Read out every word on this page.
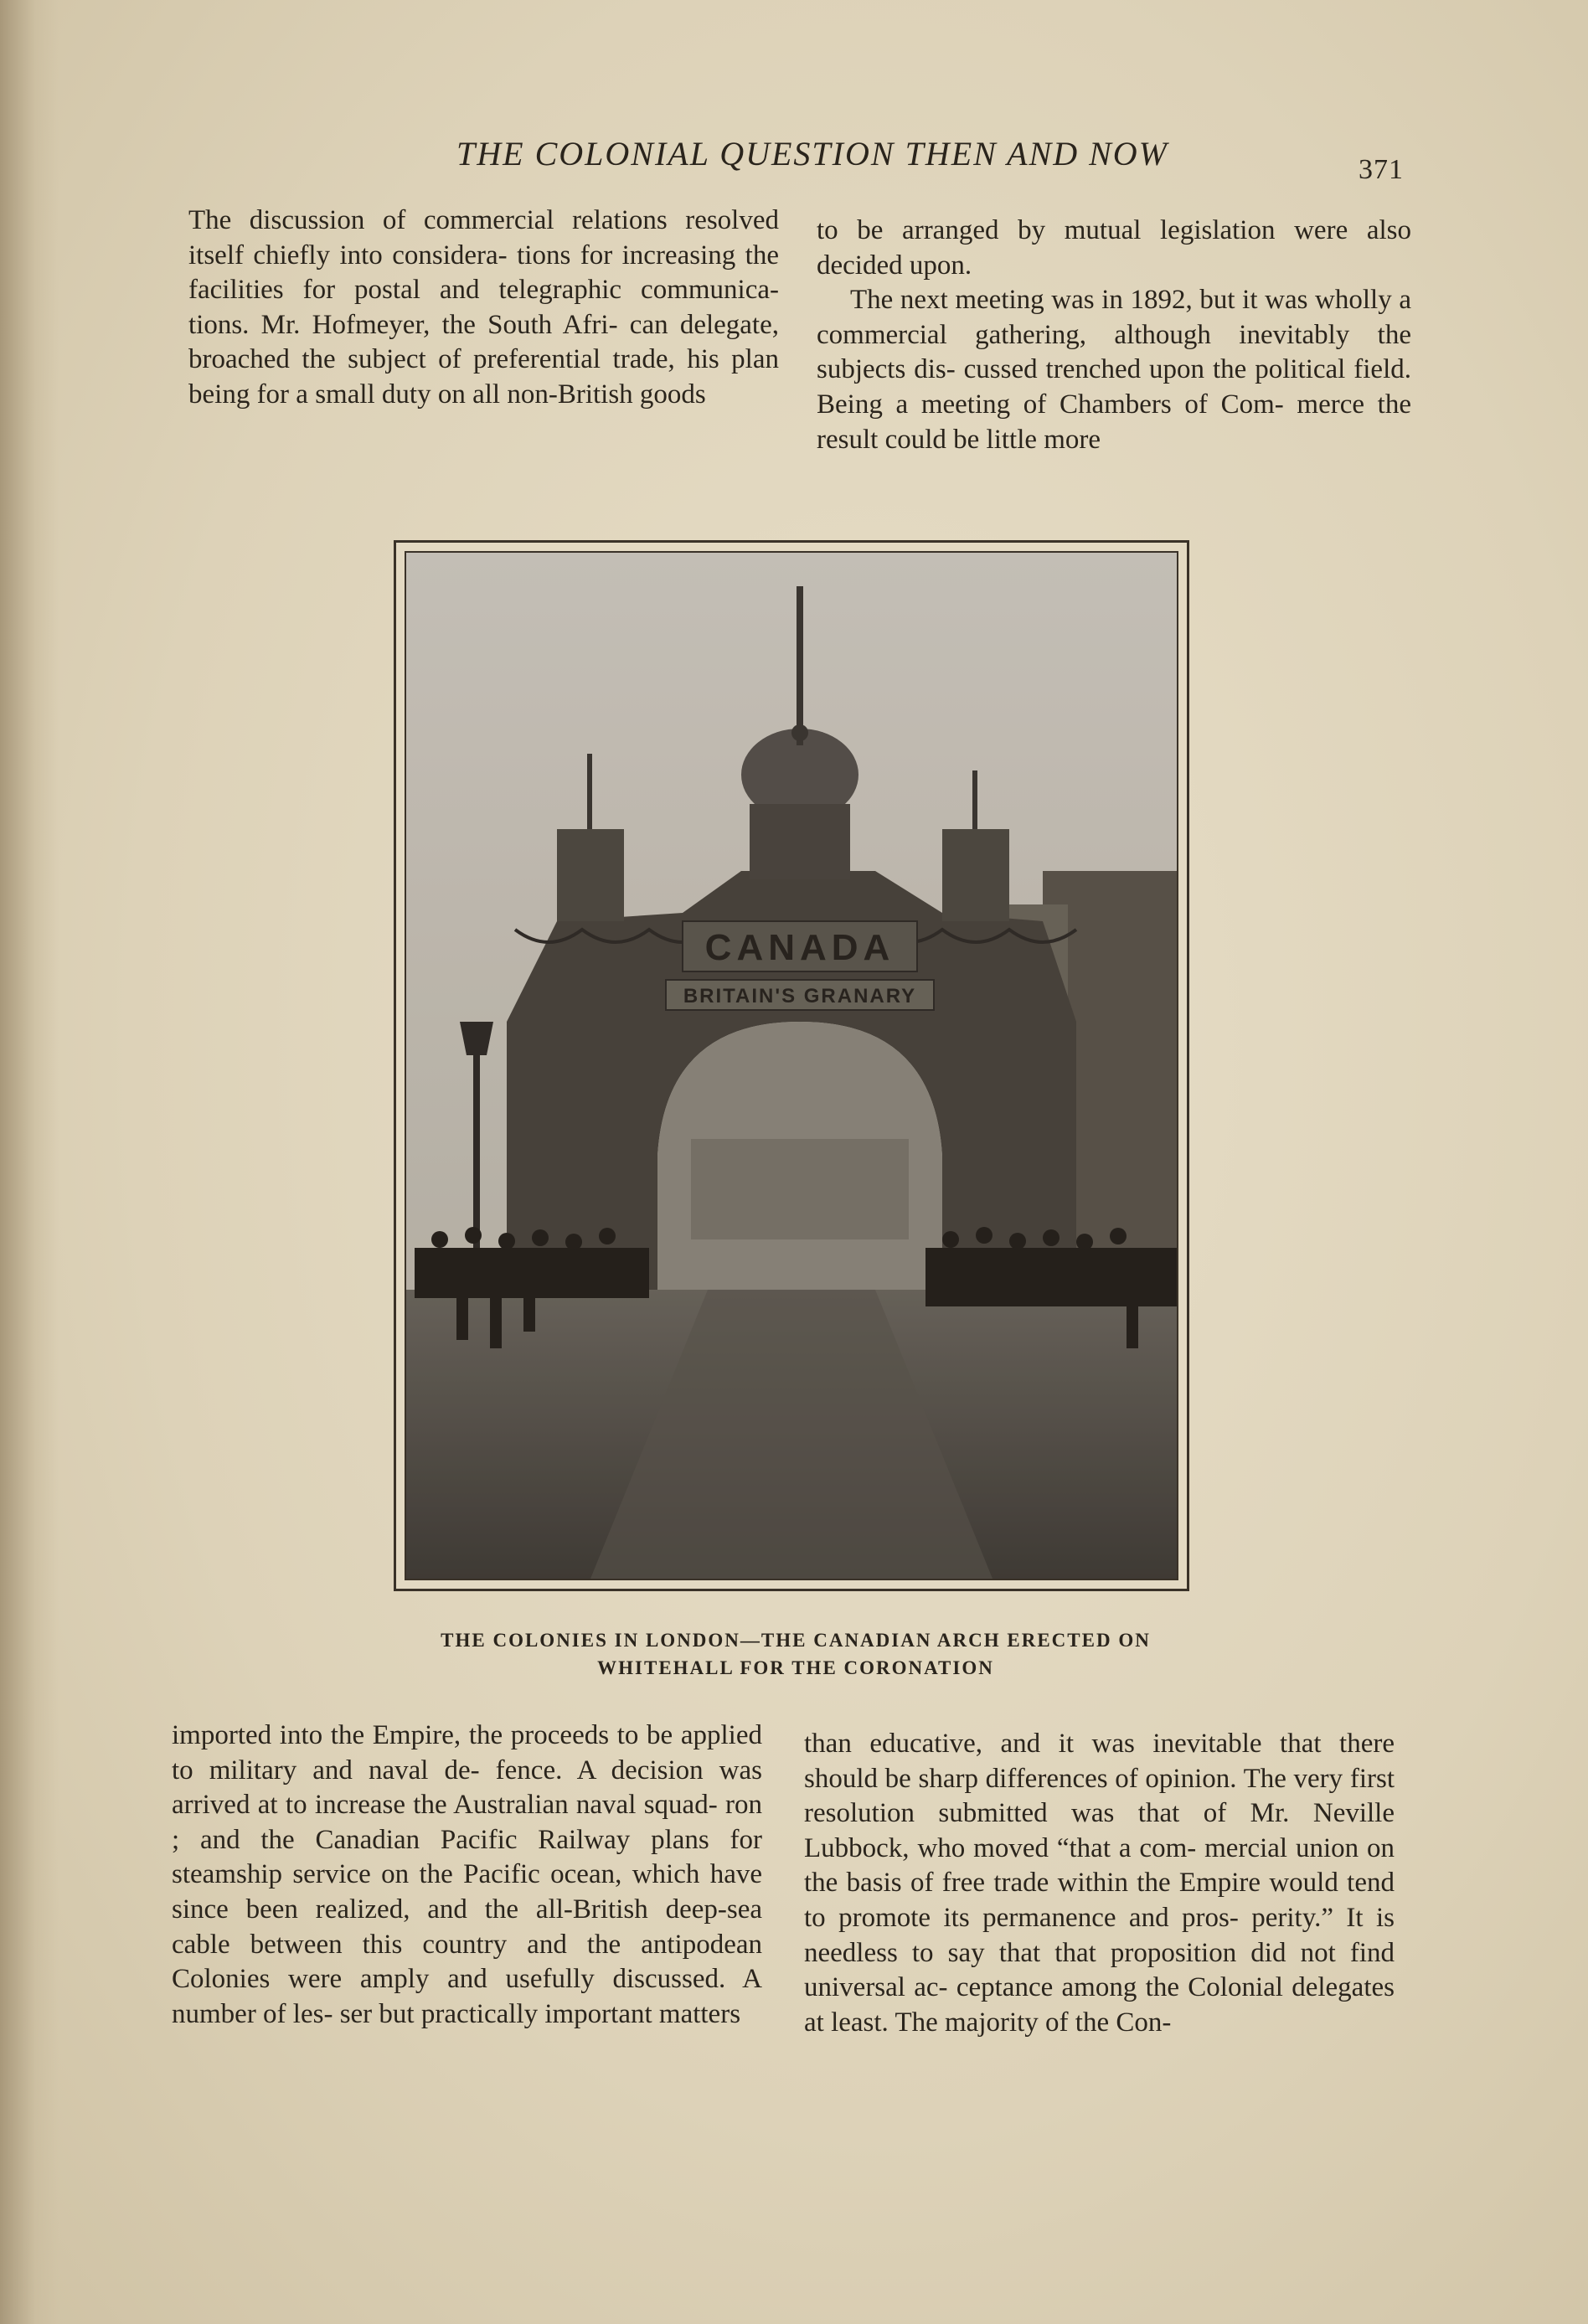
THE COLONIAL QUESTION THEN AND NOW	371

The discussion of commercial relations resolved itself chiefly into considera- tions for increasing the facilities for postal and telegraphic communica- tions. Mr. Hofmeyer, the South Afri- can delegate, broached the subject of preferential trade, his plan being for a small duty on all non-British goods

to be arranged by mutual legislation were also decided upon.

The next meeting was in 1892, but it was wholly a commercial gathering, although inevitably the subjects dis- cussed trenched upon the political field. Being a meeting of Chambers of Com- merce the result could be little more

CANADA
BRITAIN'S GRANARY
THE COLONIES IN LONDON—THE CANADIAN ARCH ERECTED ON
WHITEHALL FOR THE CORONATION

imported into the Empire, the proceeds to be applied to military and naval de- fence. A decision was arrived at to increase the Australian naval squad- ron ; and the Canadian Pacific Railway plans for steamship service on the Pacific ocean, which have since been realized, and the all-British deep-sea cable between this country and the antipodean Colonies were amply and usefully discussed. A number of les- ser but practically important matters

than educative, and it was inevitable that there should be sharp differences of opinion. The very first resolution submitted was that of Mr. Neville Lubbock, who moved “that a com- mercial union on the basis of free trade within the Empire would tend to promote its permanence and pros- perity.” It is needless to say that that proposition did not find universal ac- ceptance among the Colonial delegates at least. The majority of the Con-
